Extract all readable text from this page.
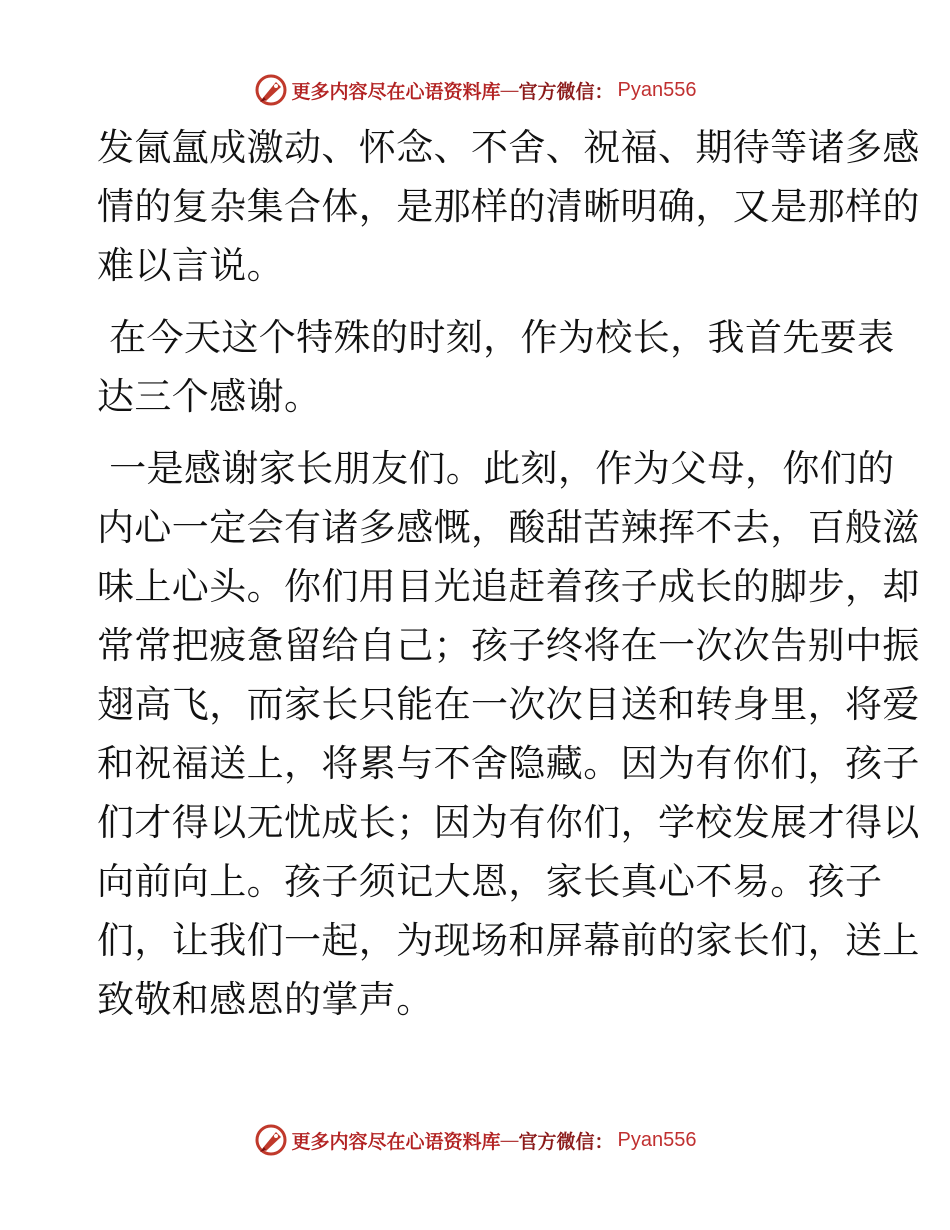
更多内容尽在心语资料库 — 官方微信： Pyan556
发氤氲成激动、怀念、不舍、祝福、期待等诸多感
情的复杂集合体，是那样的清晰明确，又是那样的
难以言说。
在今天这个特殊的时刻，作为校长，我首先要表
达三个感谢。
一是感谢家长朋友们。此刻，作为父母，你们的
内心一定会有诸多感慨，酸甜苦辣挥不去，百般滋
味上心头。你们用目光追赶着孩子成长的脚步，却
常常把疲惫留给自己；孩子终将在一次次告别中振
翅高飞，而家长只能在一次次目送和转身里，将爱
和祝福送上，将累与不舍隐藏。因为有你们，孩子
们才得以无忧成长；因为有你们，学校发展才得以
向前向上。孩子须记大恩，家长真心不易。孩子
们，让我们一起，为现场和屏幕前的家长们，送上
致敬和感恩的掌声。
更多内容尽在心语资料库 — 官方微信： Pyan556
